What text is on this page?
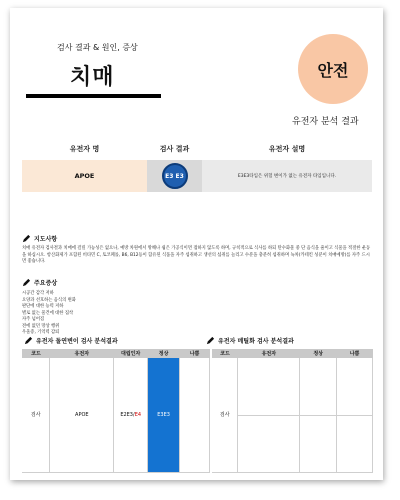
검사 결과 & 원인, 증상
치매	안전
유전자 분석 결과
유전자 명	검사 결과	유전자 설명
APOE	E3 E3	E3E3타입은 위험 변이가 없는 유전자 타입입니다.
지도사항
치매 유전자 검사결과 치매에 걸릴 가능성은 없으나, 예방 차원에서 방해나 쉽은 가공식이면 접하지 않도록 하며, 규칙적으로 식사를 하되 탄수화물 중 단 음식을 줄이고 식물을 적절한 운동을 하십시오. 항산화제가 포함된 비타민 C, 토코페롤, B6, B12등이 함유된 식품을 자주 섭취하고 생선의 섭취를 늘리고 수분을 충분히 섭취하며 녹차(카테킨 성분이 치매예방)를 자주 드시면 좋습니다.
주요증상
시공간 감각 저하
요양과 선호하는 음식의 변화
판단에 대한 능력 저하
별로 없는 물건에 대한 집착
자주 넘어짐
전에 없던 망상 행위
우울증, 기억력 감퇴
유전자 돌연변이 검사 분석결과
코드	유전자	대립인자	정상	나쁨
검사	APOE	E2E3/E4	E3E3	
유전자 메틸화 검사 분석결과
코드	유전자	정상	나쁨
검사			
